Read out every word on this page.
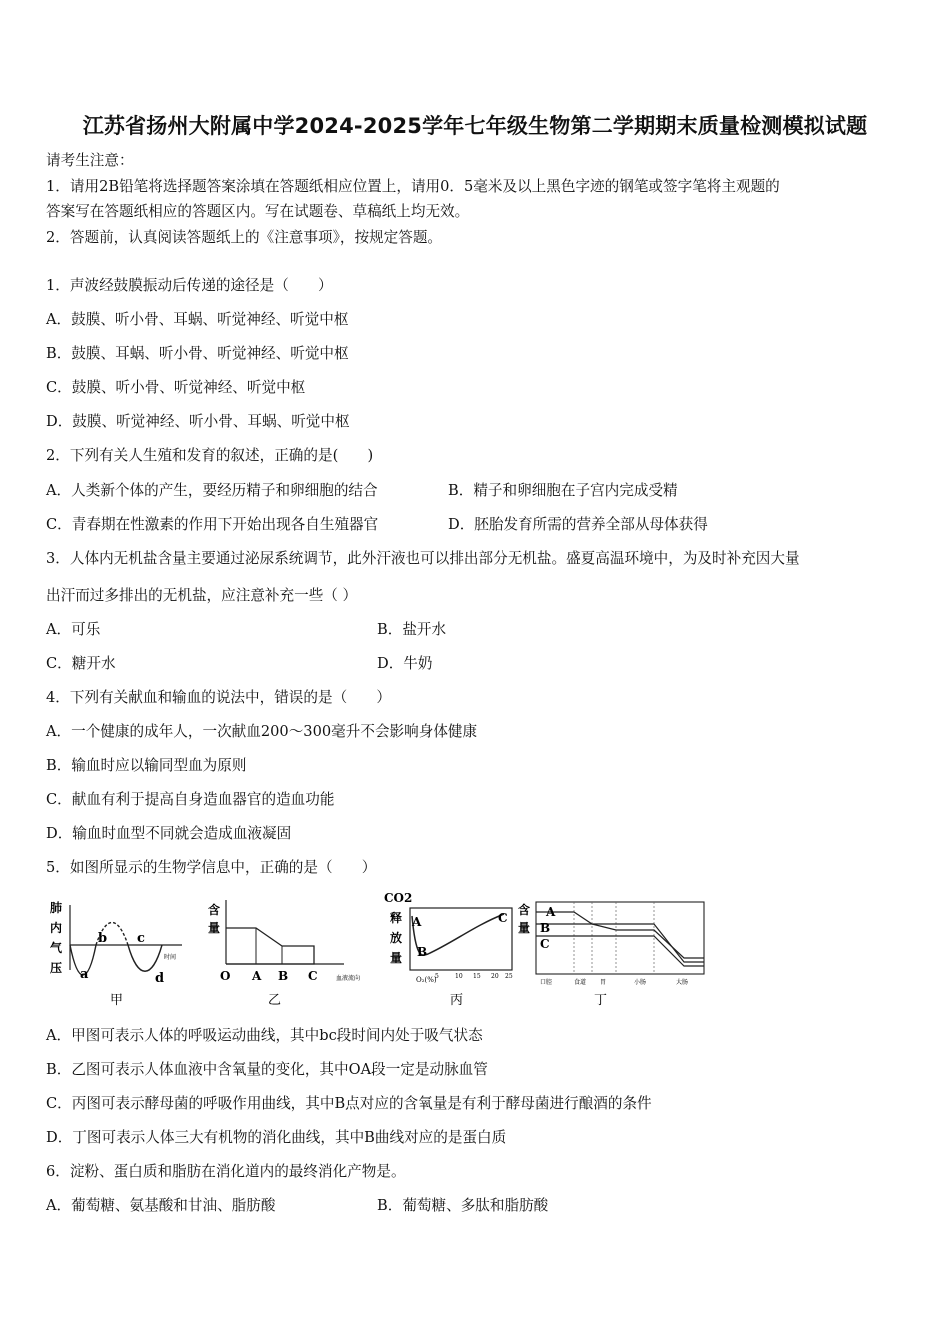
江苏省扬州大附属中学2024-2025学年七年级生物第二学期期末质量检测模拟试题
请考生注意：
1．请用2B铅笔将选择题答案涂填在答题纸相应位置上，请用0．5毫米及以上黑色字迹的钢笔或签字笔将主观题的
答案写在答题纸相应的答题区内。写在试题卷、草稿纸上均无效。
2．答题前，认真阅读答题纸上的《注意事项》，按规定答题。
1．声波经鼓膜振动后传递的途径是（　　）
A．鼓膜、听小骨、耳蜗、听觉神经、听觉中枢
B．鼓膜、耳蜗、听小骨、听觉神经、听觉中枢
C．鼓膜、听小骨、听觉神经、听觉中枢
D．鼓膜、听觉神经、听小骨、耳蜗、听觉中枢
2．下列有关人生殖和发育的叙述，正确的是(　　)
A．人类新个体的产生，要经历精子和卵细胞的结合	B．精子和卵细胞在子宫内完成受精
C．青春期在性激素的作用下开始出现各自生殖器官	D．胚胎发育所需的营养全部从母体获得
3．人体内无机盐含量主要通过泌尿系统调节，此外汗液也可以排出部分无机盐。盛夏高温环境中，为及时补充因大量
出汗而过多排出的无机盐，应注意补充一些（ ）
A．可乐	B．盐开水
C．糖开水	D．牛奶
4．下列有关献血和输血的说法中，错误的是（　　）
A．一个健康的成年人，一次献血200～300毫升不会影响身体健康
B．输血时应以输同型血为原则
C．献血有利于提高自身造血器官的造血功能
D．输血时血型不同就会造成血液凝固
5．如图所显示的生物学信息中，正确的是（　　）
肺
内
气
压 a
b c
d
时间
甲
含
量
O A B C	血液流向
乙
CO2
释
放
量
A
B
C
O₂(%)
5	10 15 20 25
丙
含
量
A
B
C
口腔	食道 胃	小肠	大肠
丁
A．甲图可表示人体的呼吸运动曲线，其中bc段时间内处于吸气状态
B．乙图可表示人体血液中含氧量的变化，其中OA段一定是动脉血管
C．丙图可表示酵母菌的呼吸作用曲线，其中B点对应的含氧量是有利于酵母菌进行酿酒的条件
D．丁图可表示人体三大有机物的消化曲线，其中B曲线对应的是蛋白质
6．淀粉、蛋白质和脂肪在消化道内的最终消化产物是。
A．葡萄糖、氨基酸和甘油、脂肪酸	B．葡萄糖、多肽和脂肪酸
